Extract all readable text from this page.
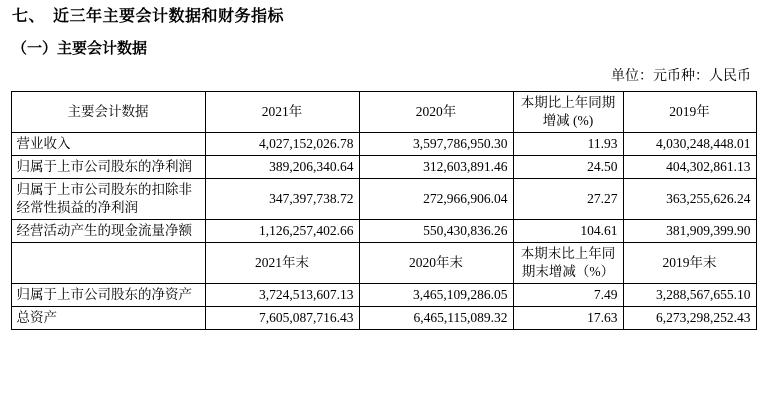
七、 近三年主要会计数据和财务指标
（一）主要会计数据
单位：元币种：人民币
主要会计数据	2021年	2020年	本期比上年同期增减 (%)	2019年
营业收入	4,027,152,026.78	3,597,786,950.30	11.93	4,030,248,448.01
归属于上市公司股东的净利润	389,206,340.64	312,603,891.46	24.50	404,302,861.13
归属于上市公司股东的扣除非经常性损益的净利润	347,397,738.72	272,966,906.04	27.27	363,255,626.24
经营活动产生的现金流量净额	1,126,257,402.66	550,430,836.26	104.61	381,909,399.90
	2021年末	2020年末	本期末比上年同期末增减（%）	2019年末
归属于上市公司股东的净资产	3,724,513,607.13	3,465,109,286.05	7.49	3,288,567,655.10
总资产	7,605,087,716.43	6,465,115,089.32	17.63	6,273,298,252.43
